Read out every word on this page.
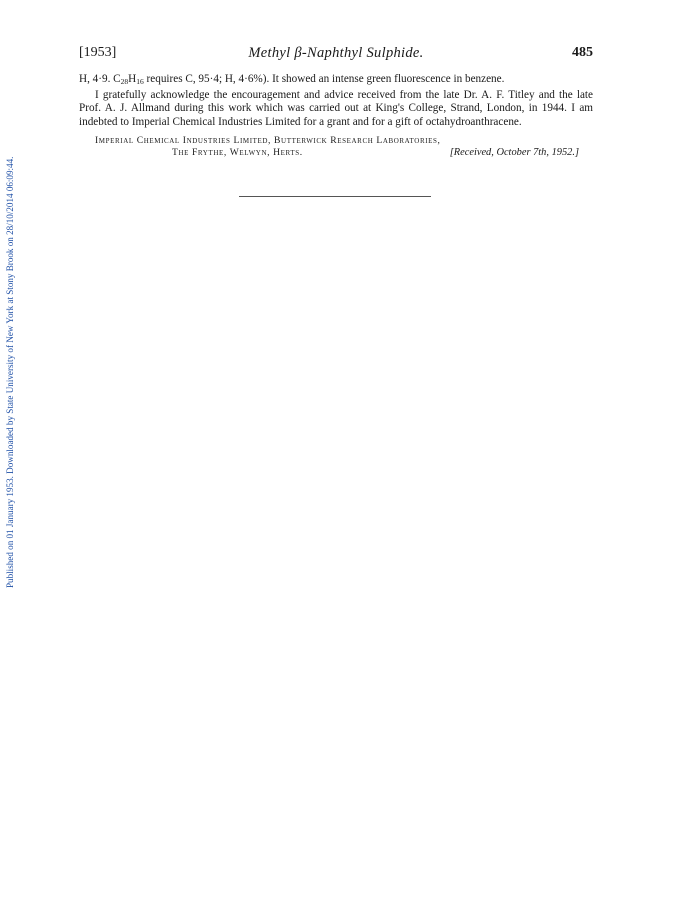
Published on 01 January 1953. Downloaded by State University of New York at Stony Brook on 28/10/2014 06:09:44.
[1953]	Methyl β-Naphthyl Sulphide.	485

H, 4·9. $C_{28}H_{16}$ requires C, 95·4; H, 4·6%). It showed an intense green fluorescence in benzene.

I gratefully acknowledge the encouragement and advice received from the late Dr. A. F. Titley and the late Prof. A. J. Allmand during this work which was carried out at King's College, Strand, London, in 1944. I am indebted to Imperial Chemical Industries Limited for a grant and for a gift of octahydroanthracene.

Imperial Chemical Industries Limited, Butterwick Research Laboratories,
The Frythe, Welwyn, Herts.	[Received, October 7th, 1952.]
